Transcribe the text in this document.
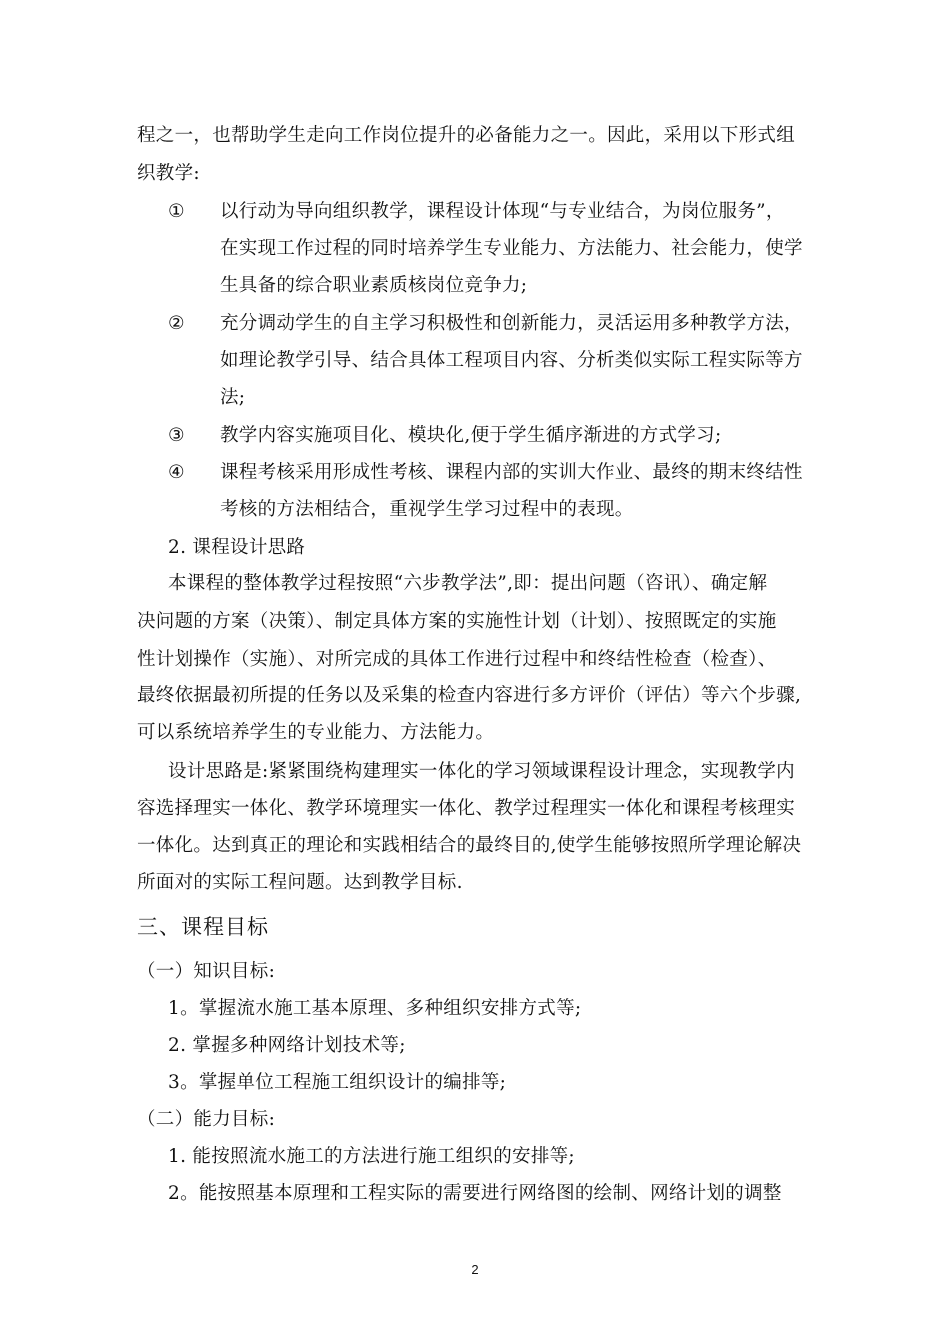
程之一，也帮助学生走向工作岗位提升的必备能力之一。因此，采用以下形式组
织教学:
① 以行动为导向组织教学，课程设计体现“与专业结合，为岗位服务”，
在实现工作过程的同时培养学生专业能力、方法能力、社会能力，使学
生具备的综合职业素质核岗位竞争力;
② 充分调动学生的自主学习积极性和创新能力，灵活运用多种教学方法，
如理论教学引导、结合具体工程项目内容、分析类似实际工程实际等方
法;
③ 教学内容实施项目化、模块化,便于学生循序渐进的方式学习;
④ 课程考核采用形成性考核、课程内部的实训大作业、最终的期末终结性
考核的方法相结合，重视学生学习过程中的表现。
2. 课程设计思路
本课程的整体教学过程按照“六步教学法”,即：提出问题（咨讯）、确定解
决问题的方案（决策）、制定具体方案的实施性计划（计划）、按照既定的实施
性计划操作（实施）、对所完成的具体工作进行过程中和终结性检查（检查）、
最终依据最初所提的任务以及采集的检查内容进行多方评价（评估）等六个步骤,
可以系统培养学生的专业能力、方法能力。
设计思路是:紧紧围绕构建理实一体化的学习领域课程设计理念，实现教学内
容选择理实一体化、教学环境理实一体化、教学过程理实一体化和课程考核理实
一体化。达到真正的理论和实践相结合的最终目的,使学生能够按照所学理论解决
所面对的实际工程问题。达到教学目标.
三、课程目标
（一）知识目标:
1。掌握流水施工基本原理、多种组织安排方式等;
2. 掌握多种网络计划技术等;
3。掌握单位工程施工组织设计的编排等;
（二）能力目标:
1. 能按照流水施工的方法进行施工组织的安排等;
2。能按照基本原理和工程实际的需要进行网络图的绘制、网络计划的调整
2
